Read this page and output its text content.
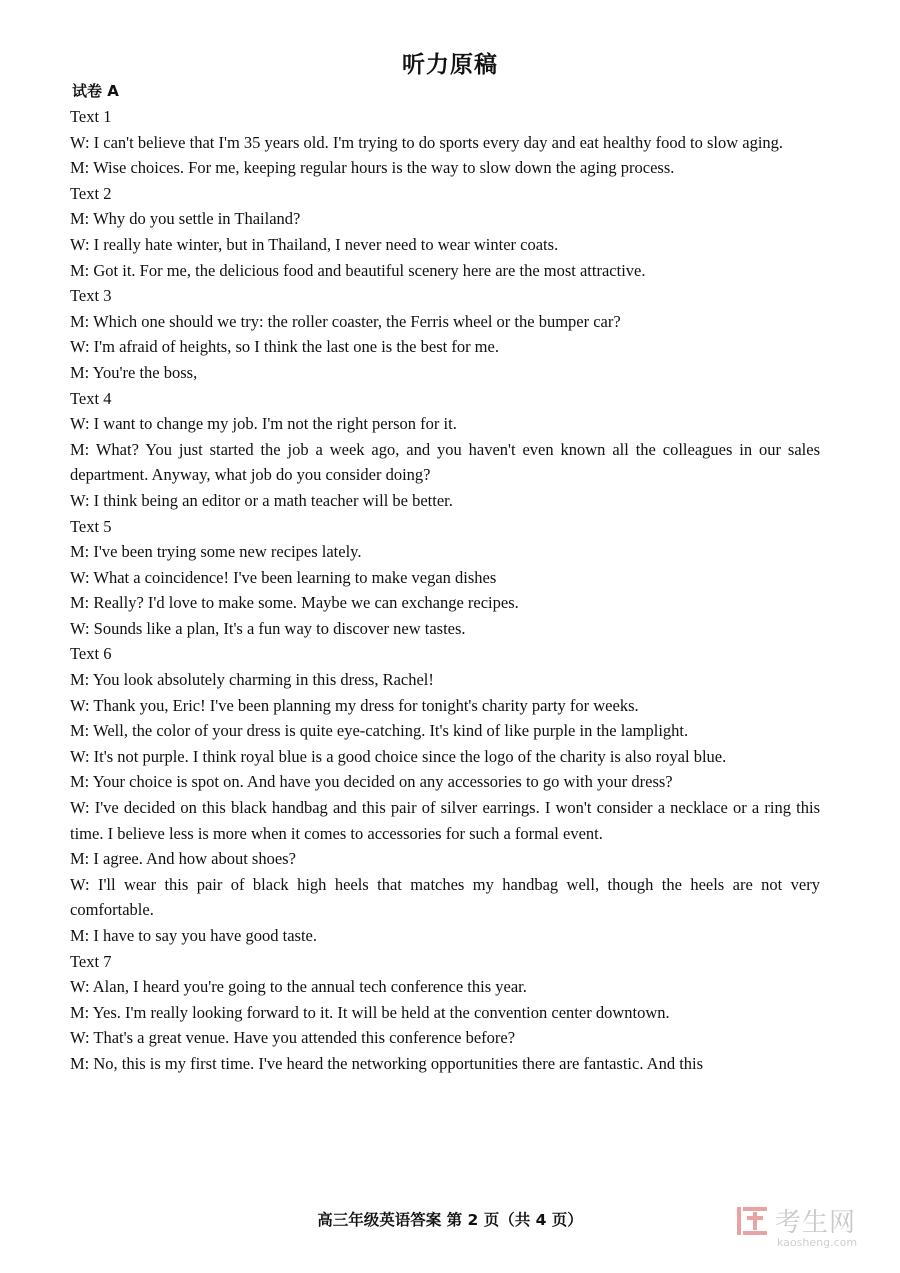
听力原稿
试卷 A
Text 1
W: I can't believe that I'm 35 years old. I'm trying to do sports every day and eat healthy food to slow aging.
M: Wise choices. For me, keeping regular hours is the way to slow down the aging process.
Text 2
M: Why do you settle in Thailand?
W: I really hate winter, but in Thailand, I never need to wear winter coats.
M: Got it. For me, the delicious food and beautiful scenery here are the most attractive.
Text 3
M: Which one should we try: the roller coaster, the Ferris wheel or the bumper car?
W: I'm afraid of heights, so I think the last one is the best for me.
M: You're the boss,
Text 4
W: I want to change my job. I'm not the right person for it.
M: What? You just started the job a week ago, and you haven't even known all the colleagues in our sales department. Anyway, what job do you consider doing?
W: I think being an editor or a math teacher will be better.
Text 5
M: I've been trying some new recipes lately.
W: What a coincidence! I've been learning to make vegan dishes
M: Really? I'd love to make some. Maybe we can exchange recipes.
W: Sounds like a plan, It's a fun way to discover new tastes.
Text 6
M: You look absolutely charming in this dress, Rachel!
W: Thank you, Eric! I've been planning my dress for tonight's charity party for weeks.
M: Well, the color of your dress is quite eye-catching. It's kind of like purple in the lamplight.
W: It's not purple. I think royal blue is a good choice since the logo of the charity is also royal blue.
M: Your choice is spot on. And have you decided on any accessories to go with your dress?
W: I've decided on this black handbag and this pair of silver earrings. I won't consider a necklace or a ring this time. I believe less is more when it comes to accessories for such a formal event.
M: I agree. And how about shoes?
W: I'll wear this pair of black high heels that matches my handbag well, though the heels are not very comfortable.
M: I have to say you have good taste.
Text 7
W: Alan, I heard you're going to the annual tech conference this year.
M: Yes. I'm really looking forward to it. It will be held at the convention center downtown.
W: That's a great venue. Have you attended this conference before?
M: No, this is my first time. I've heard the networking opportunities there are fantastic. And this
高三年级英语答案 第 2 页（共 4 页）	考生网
kaosheng.com
